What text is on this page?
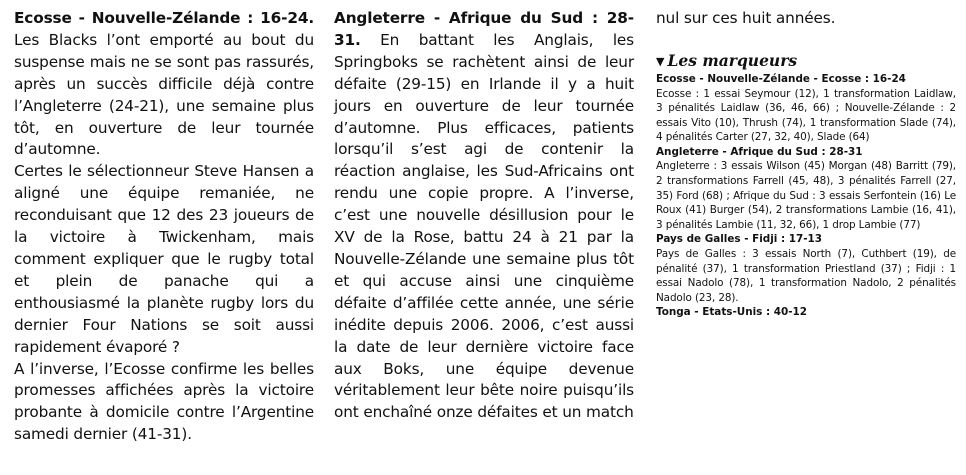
Ecosse - Nouvelle-Zélande : 16-24. Les Blacks l’ont emporté au bout du suspense mais ne se sont pas rassurés, après un succès difficile déjà contre l’Angleterre (24-21), une semaine plus tôt, en ouverture de leur tournée d’automne.

Certes le sélectionneur Steve Hansen a aligné une équipe remaniée, ne reconduisant que 12 des 23 joueurs de la victoire à Twickenham, mais comment expliquer que le rugby total et plein de panache qui a enthousiasmé la planète rugby lors du dernier Four Nations se soit aussi rapidement évaporé ?

A l’inverse, l’Ecosse confirme les belles promesses affichées après la victoire probante à domicile contre l’Argentine samedi dernier (41-31).

Angleterre - Afrique du Sud : 28-31. En battant les Anglais, les Springboks se rachètent ainsi de leur défaite (29-15) en Irlande il y a huit jours en ouverture de leur tournée d’automne. Plus efficaces, patients lorsqu’il s’est agi de contenir la réaction anglaise, les Sud-Africains ont rendu une copie propre. A l’inverse, c’est une nouvelle désillusion pour le XV de la Rose, battu 24 à 21 par la Nouvelle-Zélande une semaine plus tôt et qui accuse ainsi une cinquième défaite d’affilée cette année, une série inédite depuis 2006. 2006, c’est aussi la date de leur dernière victoire face aux Boks, une équipe devenue véritablement leur bête noire puisqu’ils ont enchaîné onze défaites et un match

nul sur ces huit années.
▼ Les marqueurs

Ecosse - Nouvelle-Zélande - Ecosse : 16-24

Ecosse : 1 essai Seymour (12), 1 transformation Laidlaw, 3 pénalités Laidlaw (36, 46, 66) ; Nouvelle-Zélande : 2 essais Vito (10), Thrush (74), 1 transformation Slade (74), 4 pénalités Carter (27, 32, 40), Slade (64)

Angleterre - Afrique du Sud : 28-31

Angleterre : 3 essais Wilson (45) Morgan (48) Barritt (79), 2 transformations Farrell (45, 48), 3 pénalités Farrell (27, 35) Ford (68) ; Afrique du Sud : 3 essais Serfontein (16) Le Roux (41) Burger (54), 2 transformations Lambie (16, 41), 3 pénalités Lambie (11, 32, 66), 1 drop Lambie (77)

Pays de Galles - Fidji : 17-13

Pays de Galles : 3 essais North (7), Cuthbert (19), de pénalité (37), 1 transformation Priestland (37) ; Fidji : 1 essai Nadolo (78), 1 transformation Nadolo, 2 pénalités Nadolo (23, 28).

Tonga - Etats-Unis : 40-12
